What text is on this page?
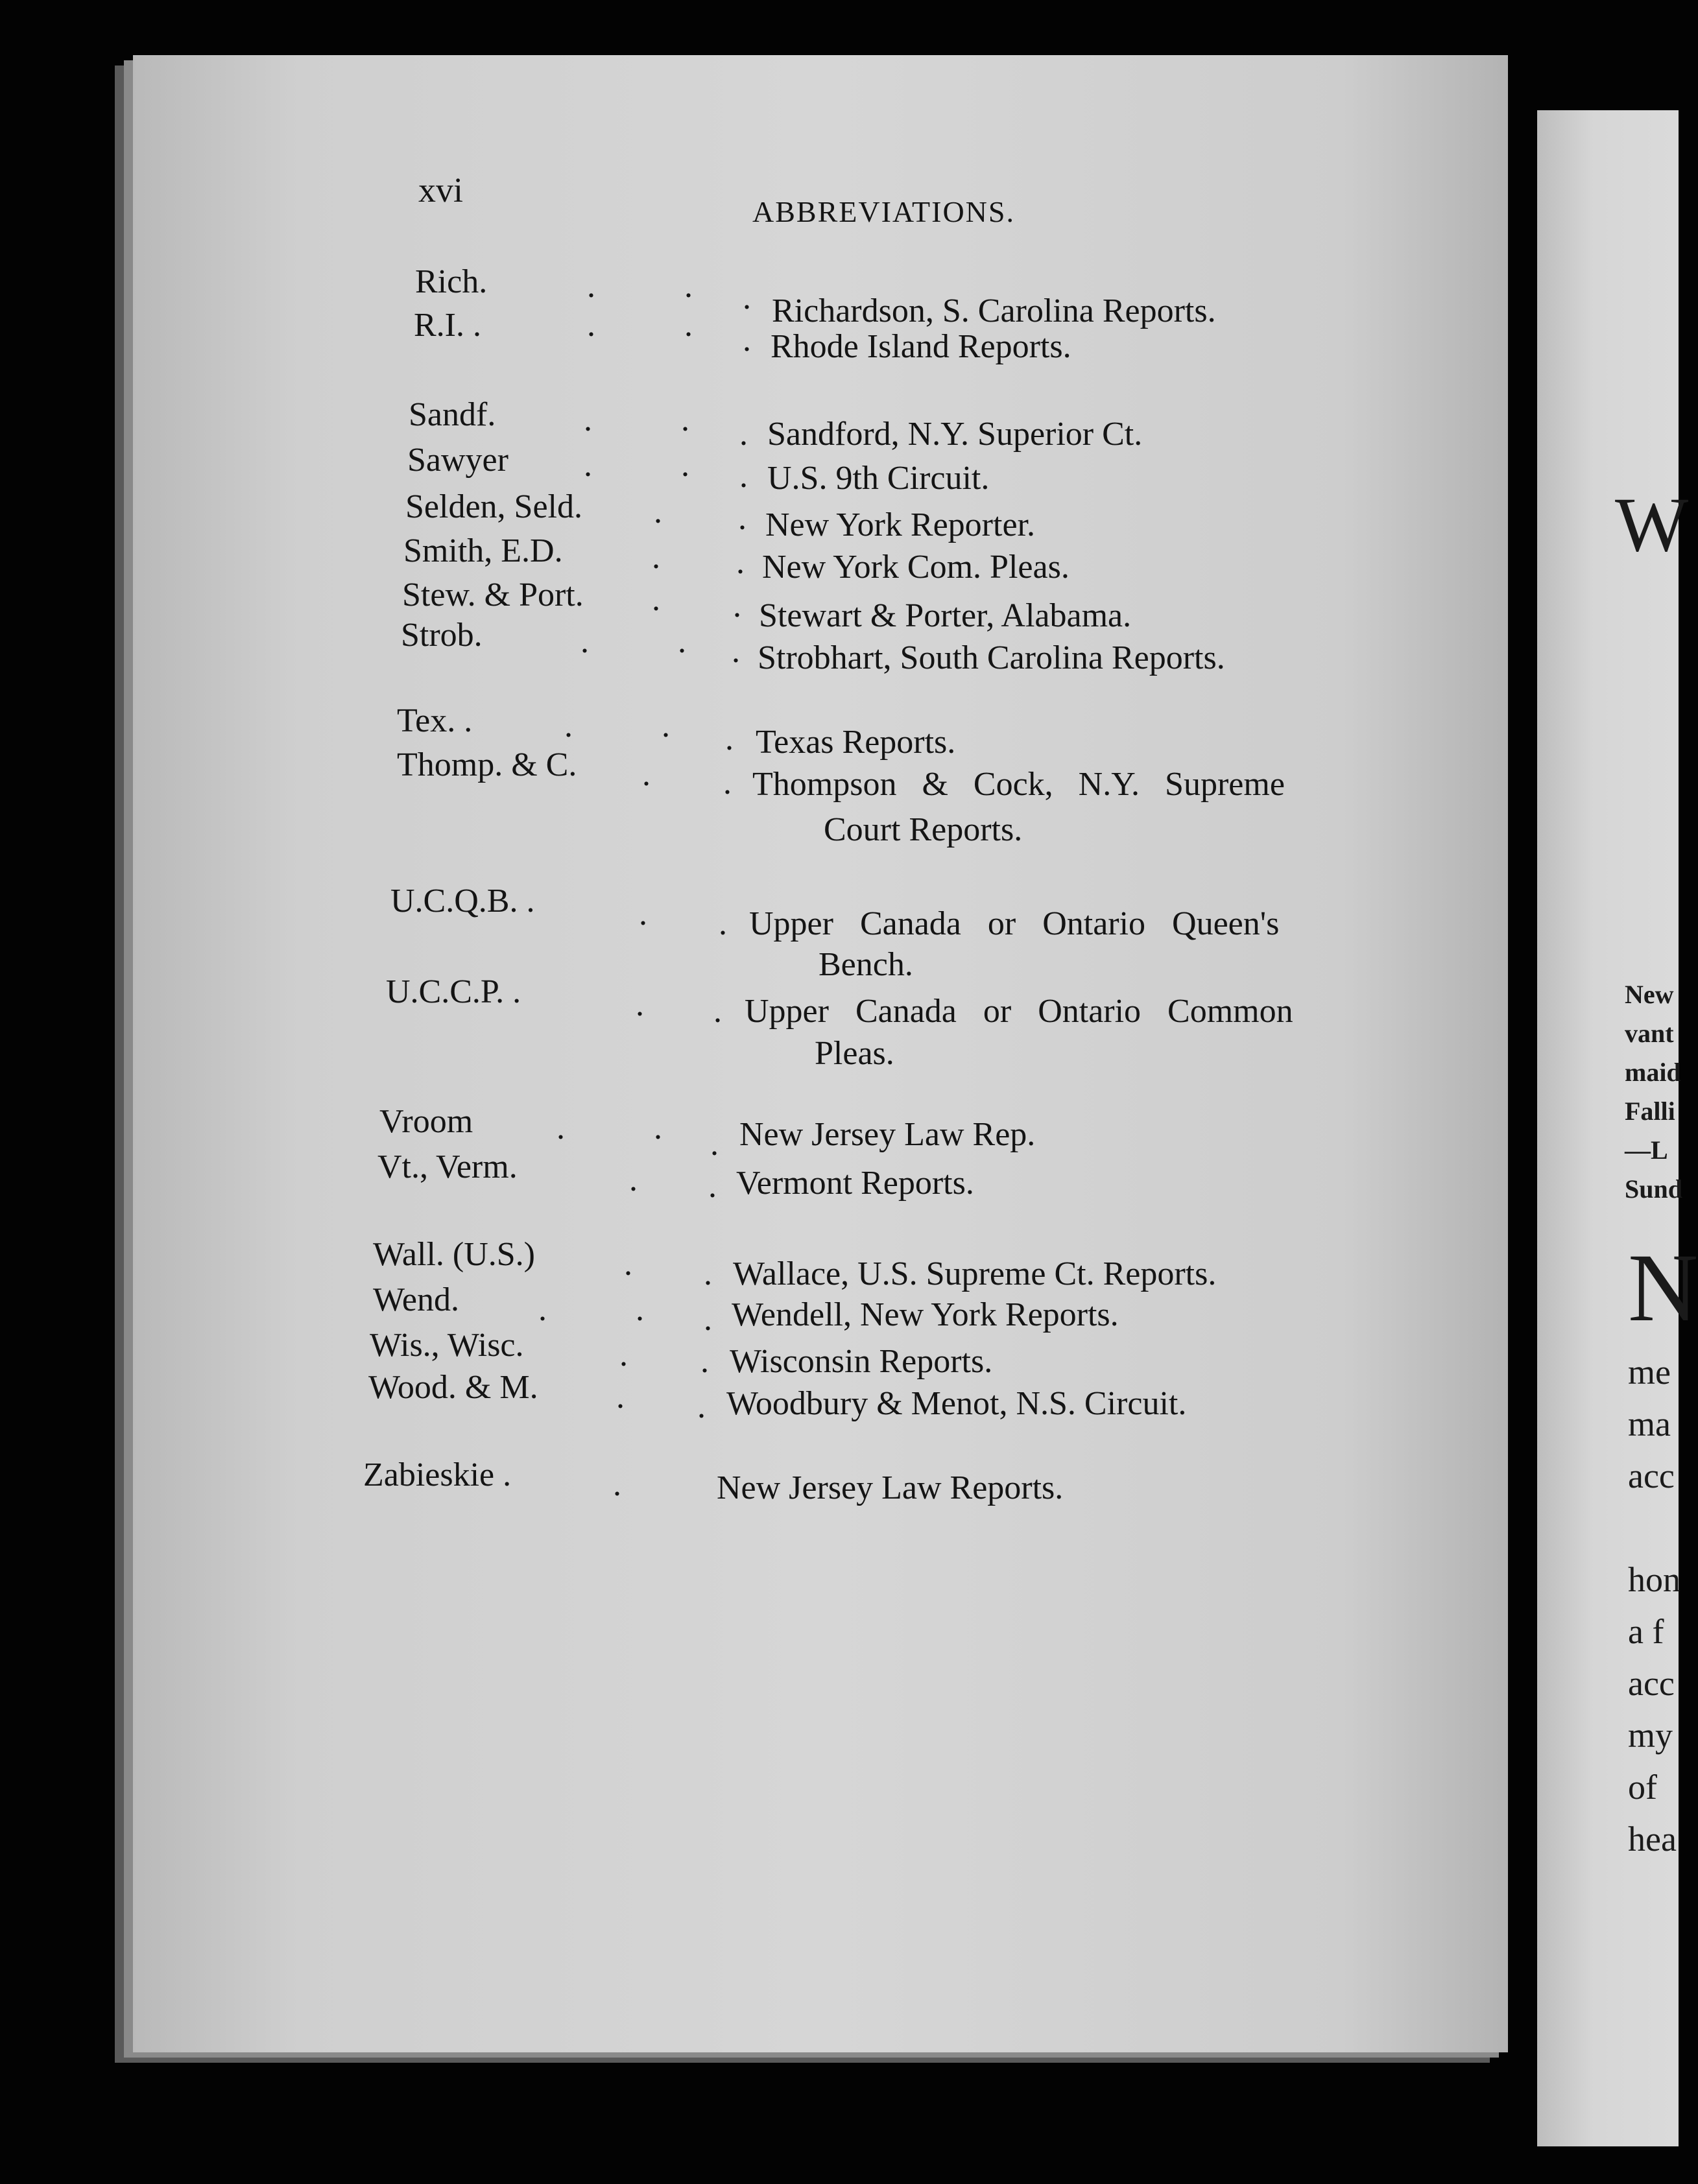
xvi
ABBREVIATIONS.
Rich.	. . . Richardson, S. Carolina Reports.
R.I. .	. . . Rhode Island Reports.
Sandf.	. . . Sandford, N.Y. Superior Ct.
Sawyer . . . U.S. 9th Circuit.
Selden, Seld. . . New York Reporter.
Smith, E.D.	. . New York Com. Pleas.
Stew. & Port. . . Stewart & Porter, Alabama.
Strob.	. . . Strobhart, South Carolina Reports.
Tex. .	. . . Texas Reports.
Thomp. & C. . . Thompson & Cock, N.Y. Supreme
Court Reports.
U.C.Q.B. .	. . Upper Canada or Ontario Queen's
Bench.
U.C.C.P. .	. . Upper Canada or Ontario Common
Pleas.
Vroom . . . New Jersey Law Rep.
Vt., Verm.	. . Vermont Reports.
Wall. (U.S.)	. . Wallace, U.S. Supreme Ct. Reports.
Wend. . . . Wendell, New York Reports.
Wis., Wisc.	. . Wisconsin Reports.
Wood. & M. . . Woodbury & Menot, N.S. Circuit.
Zabieskie .	. New Jersey Law Reports.
W
New
vant
maid
Falli
—L
Sund
N
me
ma
acc
hon
a f
acc
my
of
hea
